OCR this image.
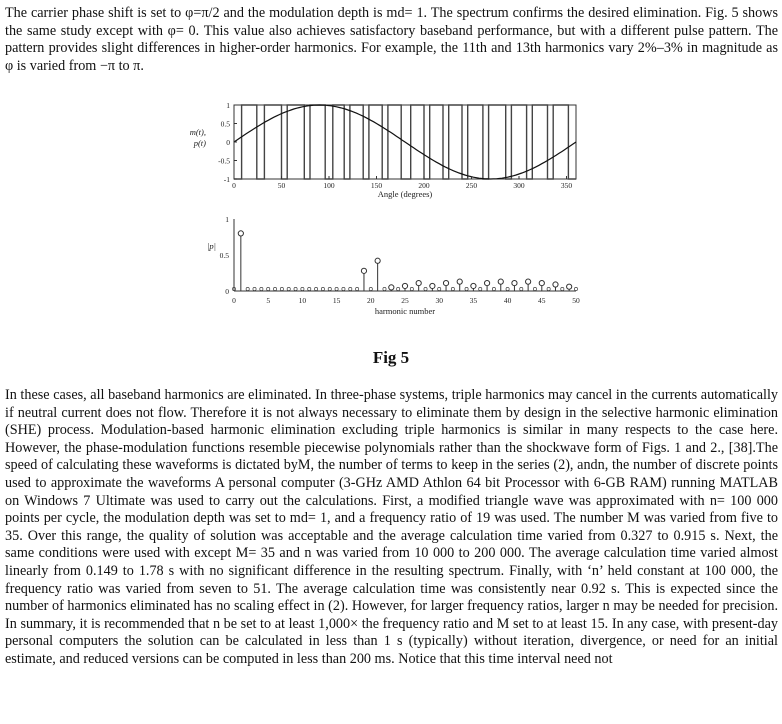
The carrier phase shift is set to φ=π/2 and the modulation depth is md= 1. The spectrum confirms the desired elimination. Fig. 5 shows the same study except with φ= 0. This value also achieves satisfactory baseband performance, but with a different pulse pattern. The pattern provides slight differences in higher-order harmonics. For example, the 11th and 13th harmonics vary 2%–3% in magnitude as φ is varied from −π to π.

1
0.5
0
-0.5
-1
0	50	100	150	200	250	300	350
Angle (degrees)
m(t),
p(t)
1
0.5
0
0	5	10	15	20	25	30	35	40	45	50
harmonic number
|p|
Fig 5

In these cases, all baseband harmonics are eliminated. In three-phase systems, triple harmonics may cancel in the currents automatically if neutral current does not flow. Therefore it is not always necessary to eliminate them by design in the selective harmonic elimination (SHE) process. Modulation-based harmonic elimination excluding triple harmonics is similar in many respects to the case here. However, the phase-modulation functions resemble piecewise polynomials rather than the shockwave form of Figs. 1 and 2., [38].The speed of calculating these waveforms is dictated byM, the number of terms to keep in the series (2), andn, the number of discrete points used to approximate the waveforms A personal computer (3-GHz AMD Athlon 64 bit Processor with 6-GB RAM) running MATLAB on Windows 7 Ultimate was used to carry out the calculations. First, a modified triangle wave was approximated with n= 100 000 points per cycle, the modulation depth was set to md= 1, and a frequency ratio of 19 was used. The number M was varied from five to 35. Over this range, the quality of solution was acceptable and the average calculation time varied from 0.327 to 0.915 s. Next, the same conditions were used with except M= 35 and n was varied from 10 000 to 200 000. The average calculation time varied almost linearly from 0.149 to 1.78 s with no significant difference in the resulting spectrum. Finally, with ‘n’ held constant at 100 000, the frequency ratio was varied from seven to 51. The average calculation time was consistently near 0.92 s. This is expected since the number of harmonics eliminated has no scaling effect in (2). However, for larger frequency ratios, larger n may be needed for precision. In summary, it is recommended that n be set to at least 1,000× the frequency ratio and M set to at least 15. In any case, with present-day personal computers the solution can be calculated in less than 1 s (typically) without iteration, divergence, or need for an initial estimate, and reduced versions can be computed in less than 200 ms. Notice that this time interval need not
